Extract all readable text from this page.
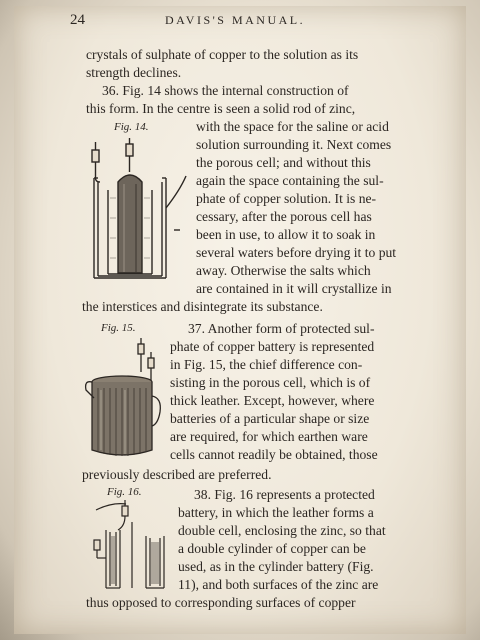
24	DAVIS'S MANUAL.
Fig. 14.
Fig. 15.
Fig. 16.
crystals of sulphate of copper to the solution as its
strength declines.
36. Fig. 14 shows the internal construction of
this form. In the centre is seen a solid rod of zinc,
with the space for the saline or acid
solution surrounding it. Next comes
the porous cell; and without this
again the space containing the sul-
phate of copper solution. It is ne-
cessary, after the porous cell has
been in use, to allow it to soak in
several waters before drying it to put
away. Otherwise the salts which
are contained in it will crystallize in
the interstices and disintegrate its substance.
37. Another form of protected sul-
phate of copper battery is represented
in Fig. 15, the chief difference con-
sisting in the porous cell, which is of
thick leather. Except, however, where
batteries of a particular shape or size
are required, for which earthen ware
cells cannot readily be obtained, those
previously described are preferred.
38. Fig. 16 represents a protected
battery, in which the leather forms a
double cell, enclosing the zinc, so that
a double cylinder of copper can be
used, as in the cylinder battery (Fig.
11), and both surfaces of the zinc are
thus opposed to corresponding surfaces of copper
